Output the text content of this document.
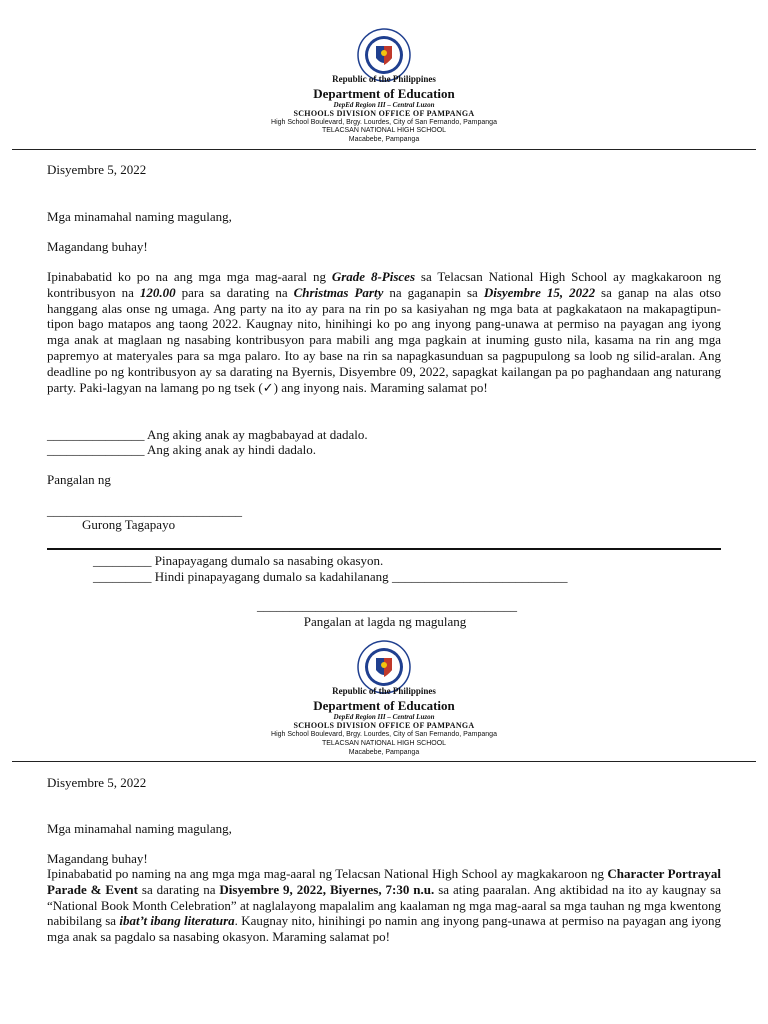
Republic of the Philippines
Department of Education
DepEd Region III – Central Luzon
SCHOOLS DIVISION OFFICE OF PAMPANGA
High School Boulevard, Brgy. Lourdes, City of San Fernando, Pampanga
TELACSAN NATIONAL HIGH SCHOOL
Macabebe, Pampanga
Disyembre 5, 2022
Mga minamahal naming magulang,
Magandang buhay!
Ipinababatid ko po na ang mga mga mag-aaral ng Grade 8-Pisces sa Telacsan National High School ay magkakaroon ng kontribusyon na 120.00 para sa darating na Christmas Party na gaganapin sa Disyembre 15, 2022 sa ganap na alas otso hanggang alas onse ng umaga. Ang party na ito ay para na rin po sa kasiyahan ng mga bata at pagkakataon na makapagtipun-tipon bago matapos ang taong 2022. Kaugnay nito, hinihingi ko po ang inyong pang-unawa at permiso na payagan ang iyong mga anak at maglaan ng nasabing kontribusyon para mabili ang mga pagkain at inuming gusto nila, kasama na rin ang mga papremyo at materyales para sa mga palaro. Ito ay base na rin sa napagkasunduan sa pagpupulong sa loob ng silid-aralan. Ang deadline po ng kontribusyon ay sa darating na Byernis, Disyembre 09, 2022, sapagkat kailangan pa po paghandaan ang naturang party. Paki-lagyan na lamang po ng tsek (✓) ang inyong nais. Maraming salamat po!
_______________ Ang aking anak ay magbabayad at dadalo.
_______________ Ang aking anak ay hindi dadalo.
Pangalan ng
______________________________
Gurong Tagapayo
_________ Pinapayagang dumalo sa nasabing okasyon.
_________ Hindi pinapayagang dumalo sa kadahilanang ___________________________
________________________________________
Pangalan at lagda ng magulang
Republic of the Philippines
Department of Education
DepEd Region III – Central Luzon
SCHOOLS DIVISION OFFICE OF PAMPANGA
High School Boulevard, Brgy. Lourdes, City of San Fernando, Pampanga
TELACSAN NATIONAL HIGH SCHOOL
Macabebe, Pampanga
Disyembre 5, 2022
Mga minamahal naming magulang,
Magandang buhay!
Ipinababatid po naming na ang mga mga mag-aaral ng Telacsan National High School ay magkakaroon ng Character Portrayal Parade & Event sa darating na Disyembre 9, 2022, Biyernes, 7:30 n.u. sa ating paaralan. Ang aktibidad na ito ay kaugnay sa “National Book Month Celebration” at naglalayong mapalalim ang kaalaman ng mga mag-aaral sa mga tauhan ng mga kwentong nabibilang sa ibat’t ibang literatura. Kaugnay nito, hinihingi po namin ang inyong pang-unawa at permiso na payagan ang iyong mga anak sa pagdalo sa nasabing okasyon. Maraming salamat po!
